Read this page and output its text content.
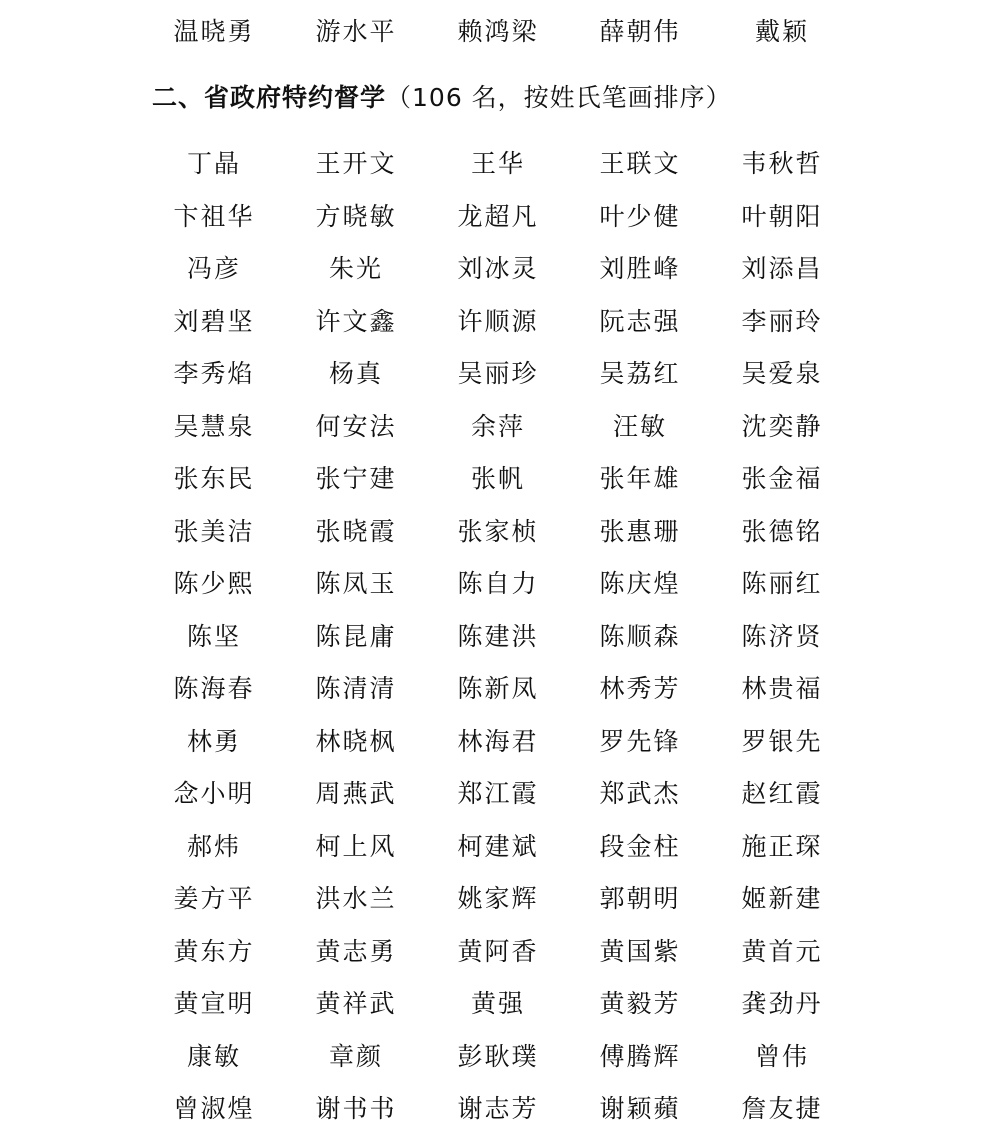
温晓勇	游水平	赖鸿梁	薛朝伟	戴颖
二、省政府特约督学（106 名，按姓氏笔画排序）
丁晶	王开文	王华	王联文	韦秋哲
卞祖华	方晓敏	龙超凡	叶少健	叶朝阳
冯彦	朱光	刘冰灵	刘胜峰	刘添昌
刘碧坚	许文鑫	许顺源	阮志强	李丽玲
李秀焰	杨真	吴丽珍	吴荔红	吴爱泉
吴慧泉	何安法	余萍	汪敏	沈奕静
张东民	张宁建	张帆	张年雄	张金福
张美洁	张晓霞	张家桢	张惠珊	张德铭
陈少熙	陈凤玉	陈自力	陈庆煌	陈丽红
陈坚	陈昆庸	陈建洪	陈顺森	陈济贤
陈海春	陈清清	陈新凤	林秀芳	林贵福
林勇	林晓枫	林海君	罗先锋	罗银先
念小明	周燕武	郑江霞	郑武杰	赵红霞
郝炜	柯上风	柯建斌	段金柱	施正琛
姜方平	洪水兰	姚家辉	郭朝明	姬新建
黄东方	黄志勇	黄阿香	黄国紫	黄首元
黄宣明	黄祥武	黄强	黄毅芳	龚劲丹
康敏	章颜	彭耿璞	傅腾辉	曾伟
曾淑煌	谢书书	谢志芳	谢颖蘋	詹友捷
